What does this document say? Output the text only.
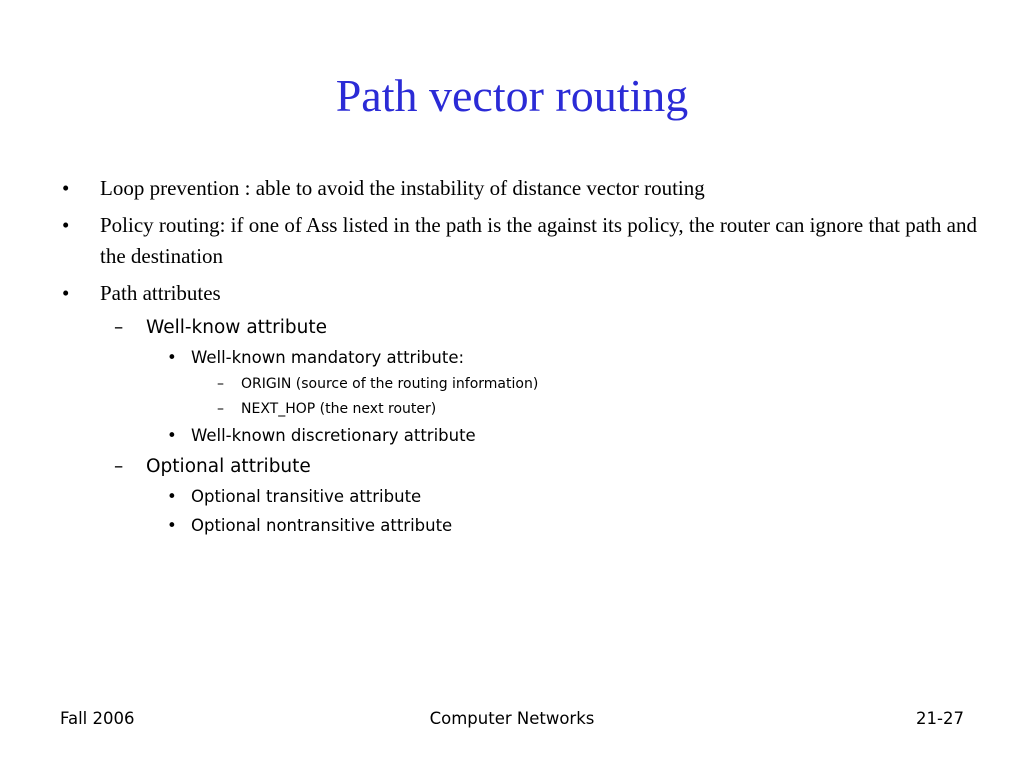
Path vector routing
• Loop prevention : able to avoid the instability of distance vector routing

• Policy routing: if one of Ass listed in the path is the against its policy, the router can ignore that path and the destination

• Path attributes

– Well-know attribute

• Well-known mandatory attribute:

– ORIGIN (source of the routing information)

– NEXT_HOP (the next router)

• Well-known discretionary attribute

– Optional attribute

• Optional transitive attribute

• Optional nontransitive attribute

Fall 2006	Computer Networks	21-27
